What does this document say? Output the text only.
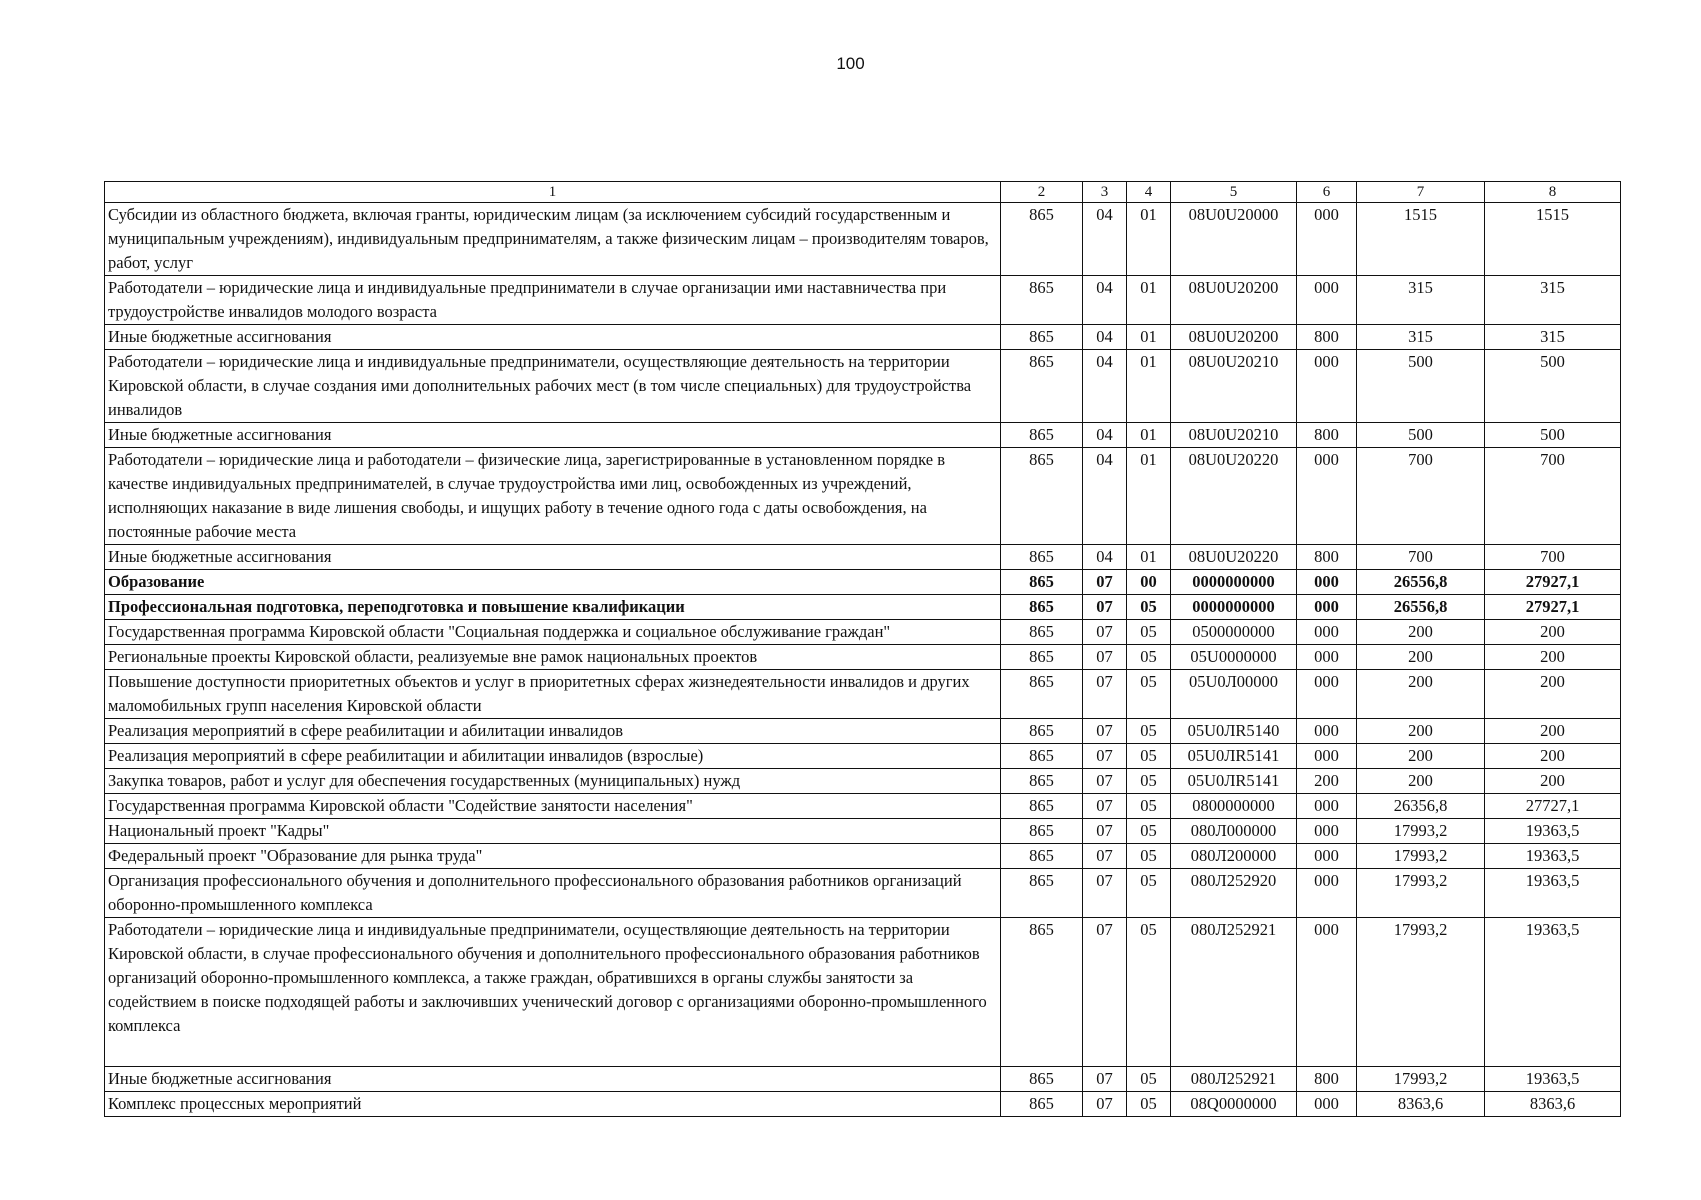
100
1	2	3	4	5	6	7	8
Субсидии из областного бюджета, включая гранты, юридическим лицам (за исключением субсидий государственным и муниципальным учреждениям), индивидуальным предпринимателям, а также физическим лицам – производителям товаров, работ, услуг	865	04	01	08U0U20000	000	1515	1515
Работодатели – юридические лица и индивидуальные предприниматели в случае организации ими наставничества при трудоустройстве инвалидов молодого возраста	865	04	01	08U0U20200	000	315	315
Иные бюджетные ассигнования	865	04	01	08U0U20200	800	315	315
Работодатели – юридические лица и индивидуальные предприниматели, осуществляющие деятельность на территории Кировской области, в случае создания ими дополнительных рабочих мест (в том числе специальных) для трудоустройства инвалидов	865	04	01	08U0U20210	000	500	500
Иные бюджетные ассигнования	865	04	01	08U0U20210	800	500	500
Работодатели – юридические лица и работодатели – физические лица, зарегистрированные в установленном порядке в качестве индивидуальных предпринимателей, в случае трудоустройства ими лиц, освобожденных из учреждений, исполняющих наказание в виде лишения свободы, и ищущих работу в течение одного года с даты освобождения, на постоянные рабочие места	865	04	01	08U0U20220	000	700	700
Иные бюджетные ассигнования	865	04	01	08U0U20220	800	700	700
Образование	865	07	00	0000000000	000	26556,8	27927,1
Профессиональная подготовка, переподготовка и повышение квалификации	865	07	05	0000000000	000	26556,8	27927,1
Государственная программа Кировской области "Социальная поддержка и социальное обслуживание граждан"	865	07	05	0500000000	000	200	200
Региональные проекты Кировской области, реализуемые вне рамок национальных проектов	865	07	05	05U0000000	000	200	200
Повышение доступности приоритетных объектов и услуг в приоритетных сферах жизнедеятельности инвалидов и других маломобильных групп населения Кировской области	865	07	05	05U0Л00000	000	200	200
Реализация мероприятий в сфере реабилитации и абилитации инвалидов	865	07	05	05U0ЛR5140	000	200	200
Реализация мероприятий в сфере реабилитации и абилитации инвалидов (взрослые)	865	07	05	05U0ЛR5141	000	200	200
Закупка товаров, работ и услуг для обеспечения государственных (муниципальных) нужд	865	07	05	05U0ЛR5141	200	200	200
Государственная программа Кировской области "Содействие занятости населения"	865	07	05	0800000000	000	26356,8	27727,1
Национальный проект "Кадры"	865	07	05	080Л000000	000	17993,2	19363,5
Федеральный проект "Образование для рынка труда"	865	07	05	080Л200000	000	17993,2	19363,5
Организация профессионального обучения и дополнительного профессионального образования работников организаций оборонно-промышленного комплекса	865	07	05	080Л252920	000	17993,2	19363,5
Работодатели – юридические лица и индивидуальные предприниматели, осуществляющие деятельность на территории Кировской области, в случае профессионального обучения и дополнительного профессионального образования работников организаций оборонно-промышленного комплекса, а также граждан, обратившихся в органы службы занятости за содействием в поиске подходящей работы и заключивших ученический договор с организациями оборонно-промышленного комплекса	865	07	05	080Л252921	000	17993,2	19363,5
Иные бюджетные ассигнования	865	07	05	080Л252921	800	17993,2	19363,5
Комплекс процессных мероприятий	865	07	05	08Q0000000	000	8363,6	8363,6
